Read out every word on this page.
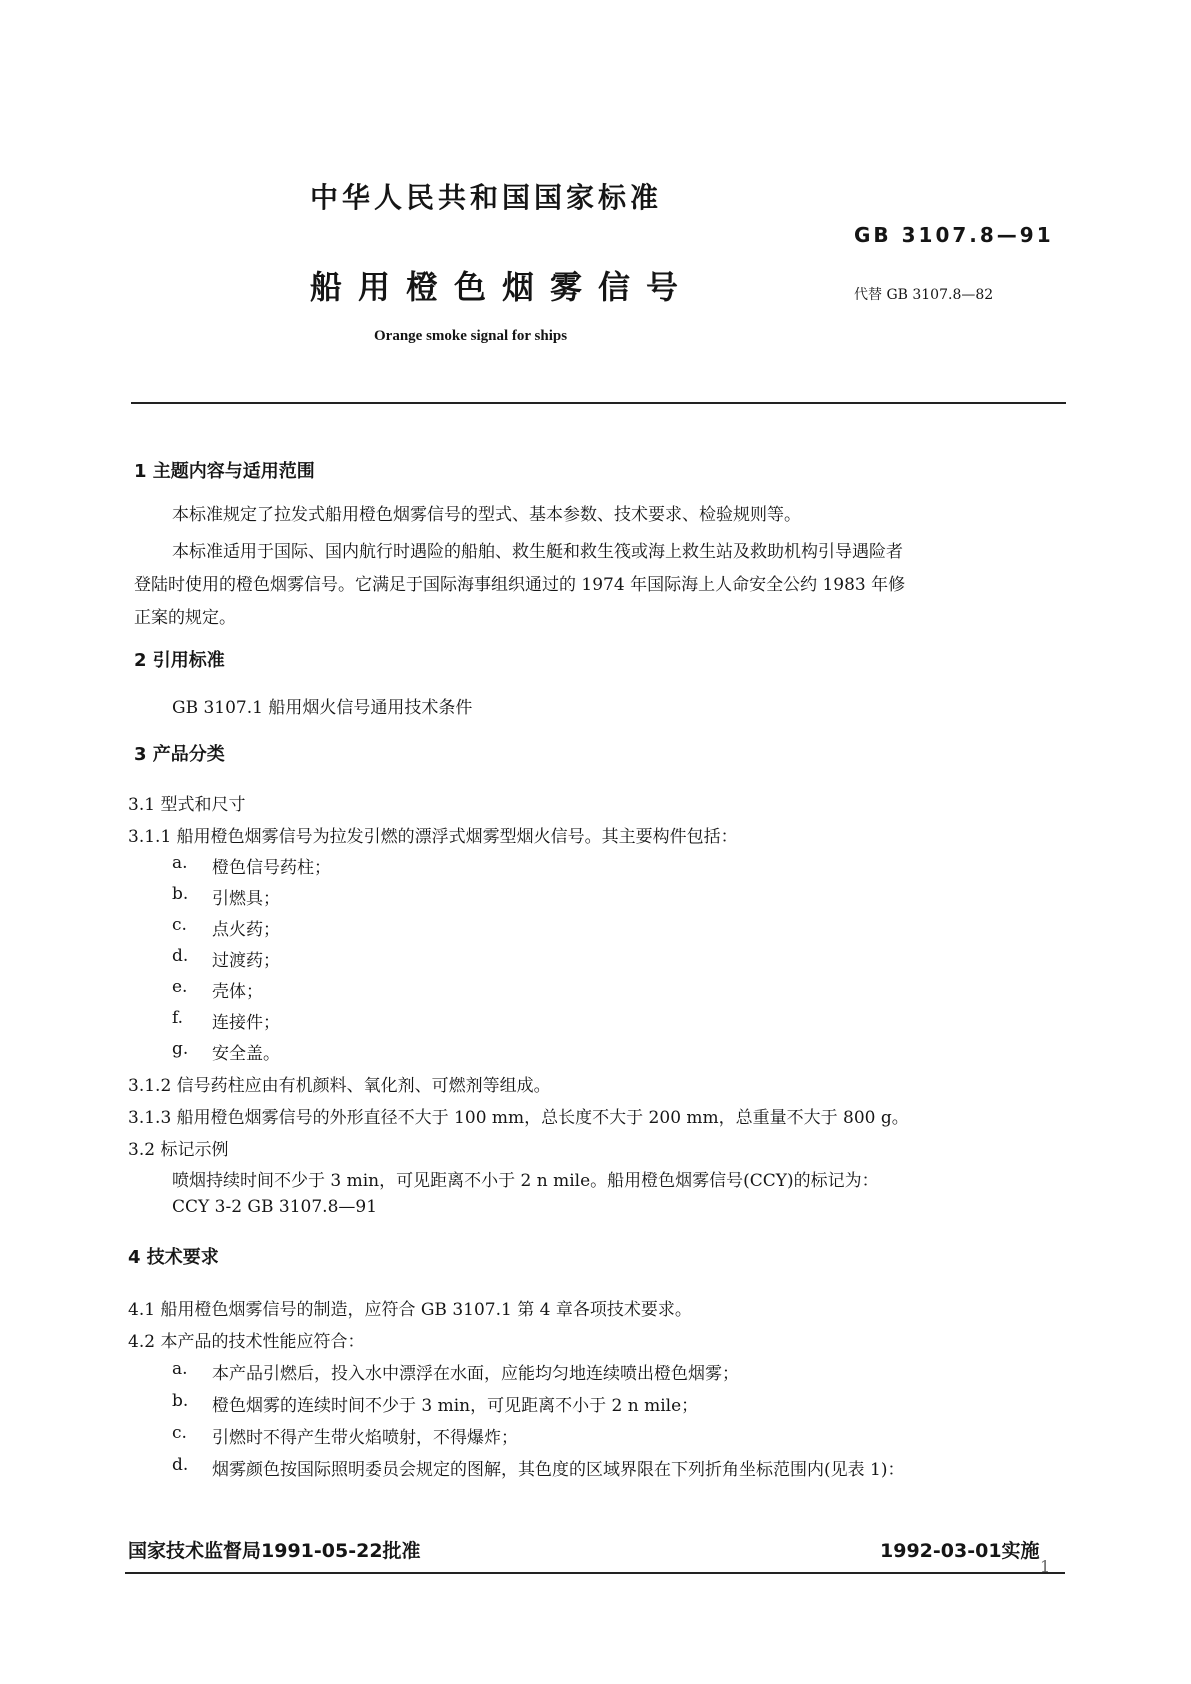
中华人民共和国国家标准
GB 3107.8—91
船用橙色烟雾信号	代替 GB 3107.8—82
Orange smoke signal for ships
1 主题内容与适用范围
本标准规定了拉发式船用橙色烟雾信号的型式、基本参数、技术要求、检验规则等。
本标准适用于国际、国内航行时遇险的船舶、救生艇和救生筏或海上救生站及救助机构引导遇险者
登陆时使用的橙色烟雾信号。它满足于国际海事组织通过的 1974 年国际海上人命安全公约 1983 年修
正案的规定。
2 引用标准
GB 3107.1 船用烟火信号通用技术条件
3 产品分类
3.1 型式和尺寸
3.1.1 船用橙色烟雾信号为拉发引燃的漂浮式烟雾型烟火信号。其主要构件包括：
a. 橙色信号药柱；
b. 引燃具；
c. 点火药；
d. 过渡药；
e. 壳体；
f. 连接件；
g. 安全盖。
3.1.2 信号药柱应由有机颜料、氧化剂、可燃剂等组成。
3.1.3 船用橙色烟雾信号的外形直径不大于 100 mm，总长度不大于 200 mm，总重量不大于 800 g。
3.2 标记示例
喷烟持续时间不少于 3 min，可见距离不小于 2 n mile。船用橙色烟雾信号(CCY)的标记为：
CCY 3-2 GB 3107.8—91
4 技术要求
4.1 船用橙色烟雾信号的制造，应符合 GB 3107.1 第 4 章各项技术要求。
4.2 本产品的技术性能应符合：
a. 本产品引燃后，投入水中漂浮在水面，应能均匀地连续喷出橙色烟雾；
b. 橙色烟雾的连续时间不少于 3 min，可见距离不小于 2 n mile；
c. 引燃时不得产生带火焰喷射，不得爆炸；
d. 烟雾颜色按国际照明委员会规定的图解，其色度的区域界限在下列折角坐标范围内(见表 1)：
国家技术监督局1991-05-22批准	1992-03-01实施
1
